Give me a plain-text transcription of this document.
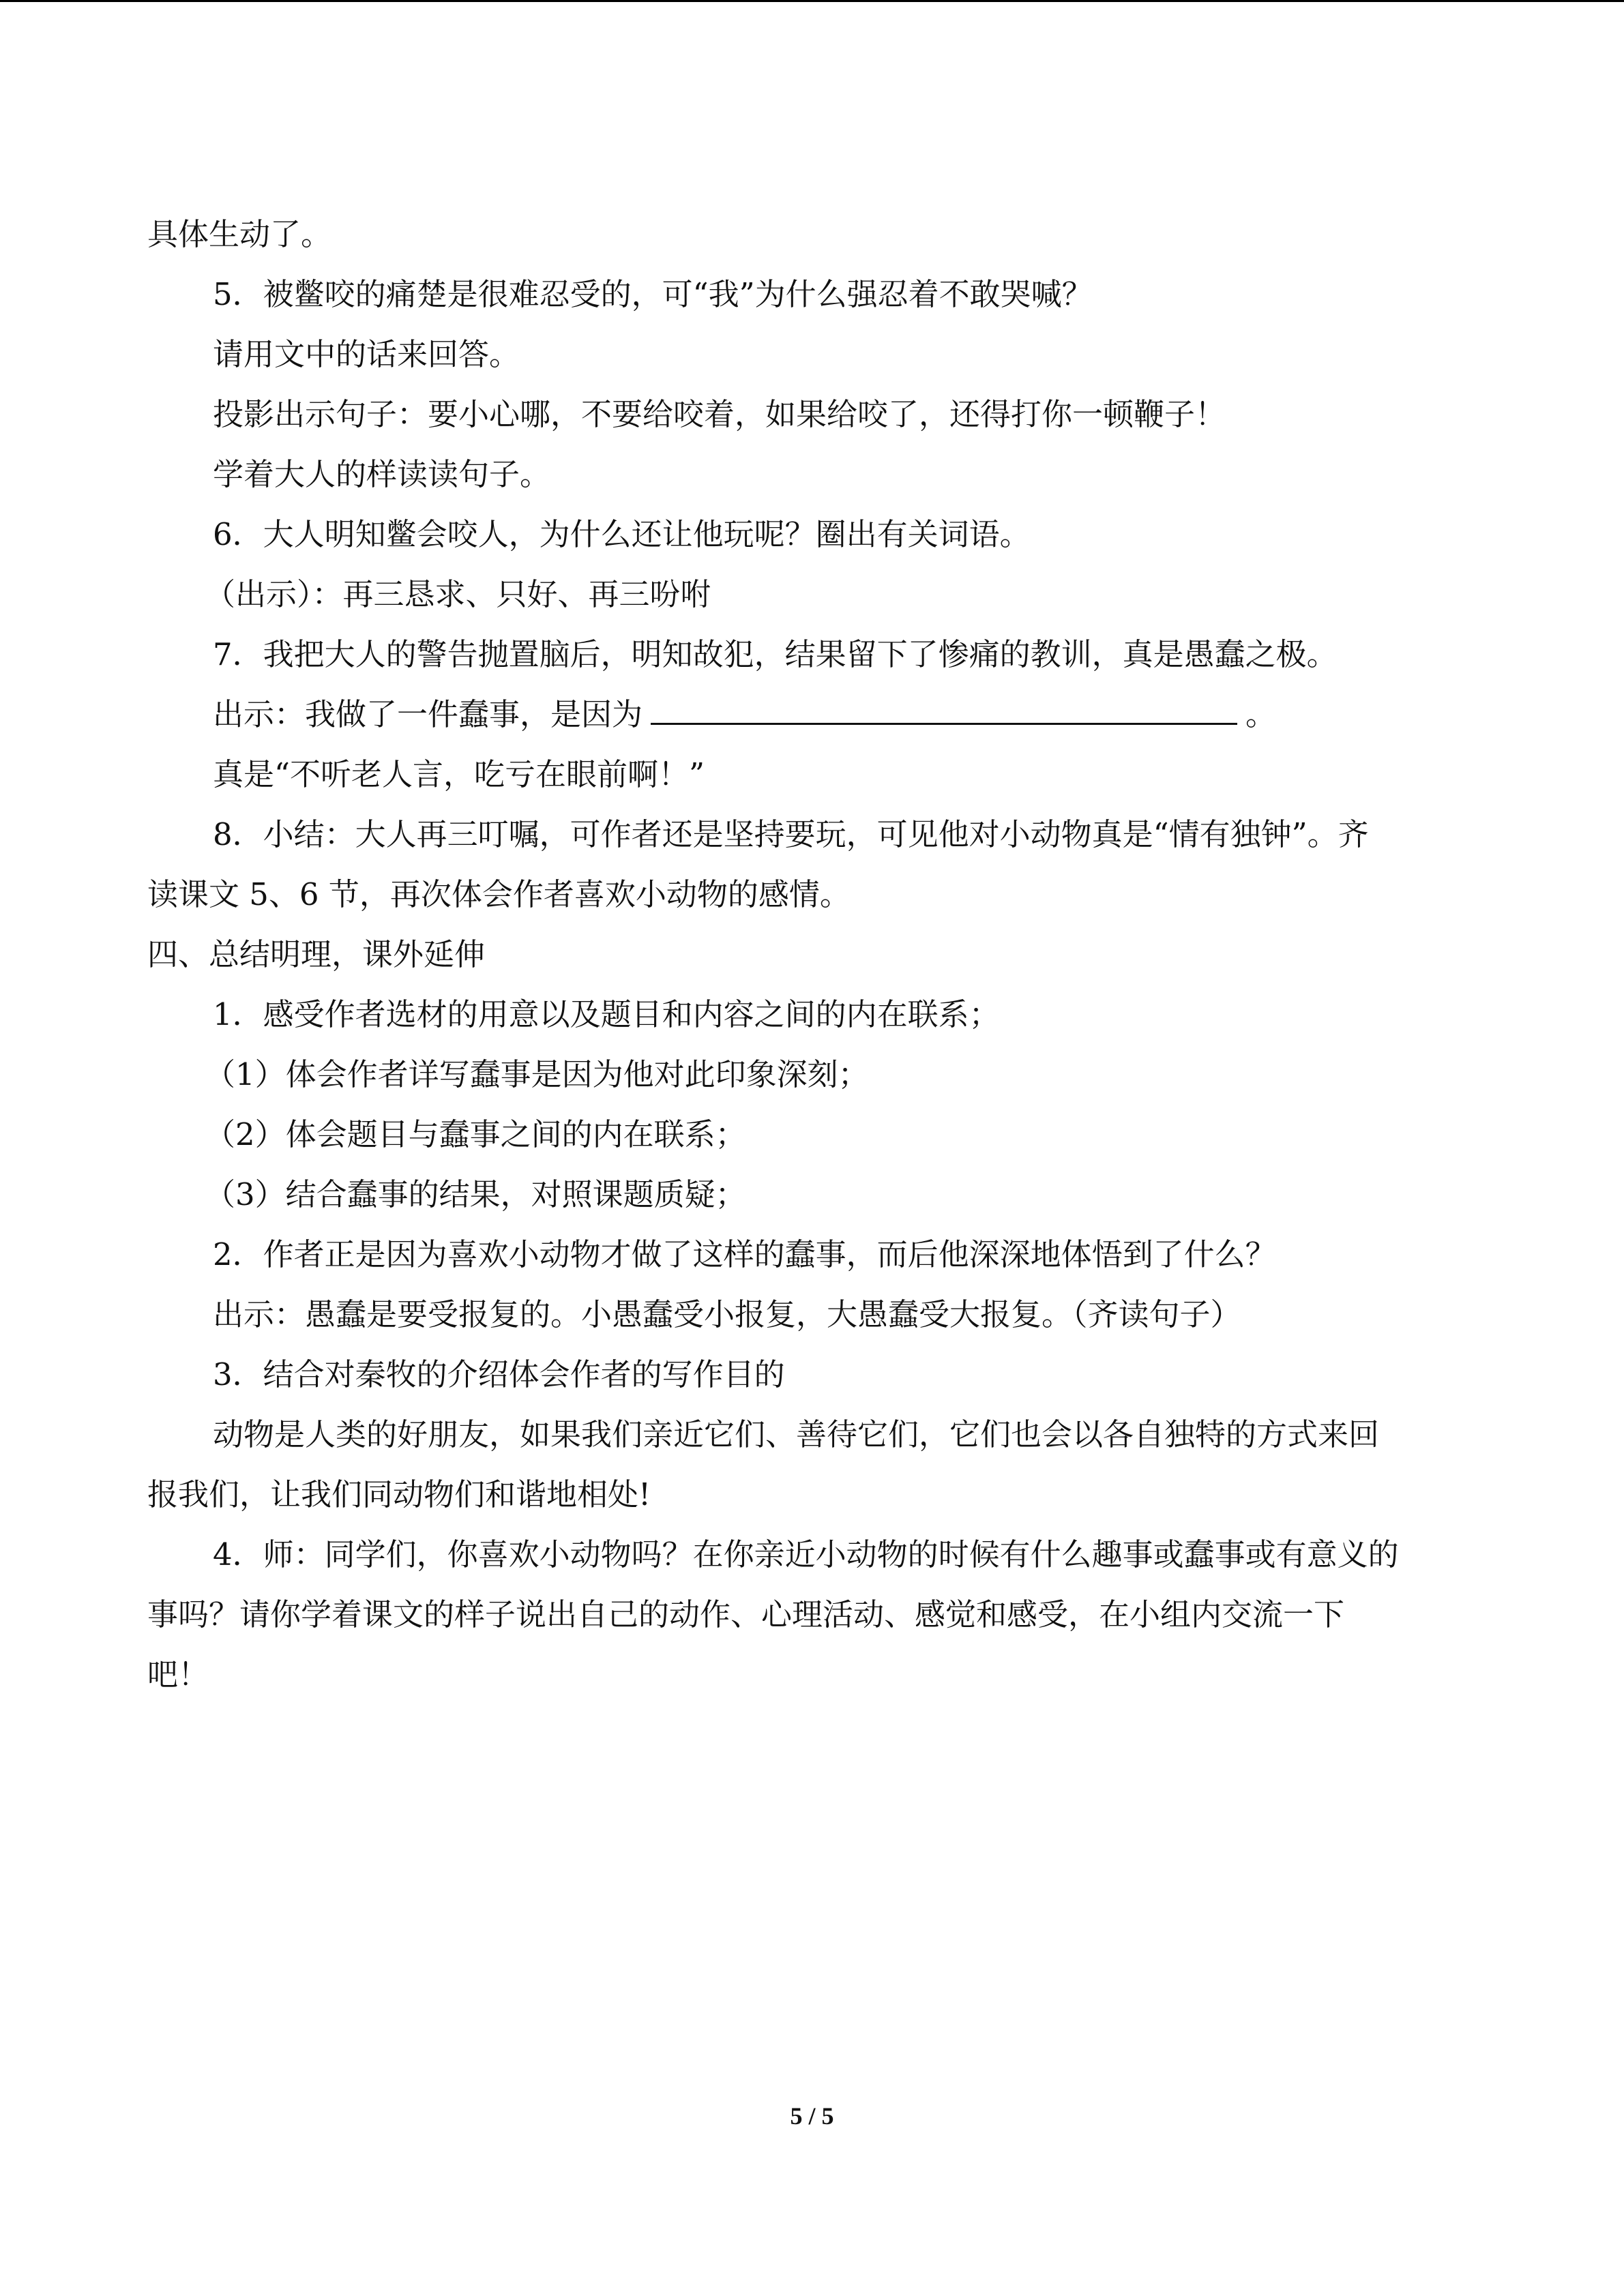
具体生动了。
5．被鳖咬的痛楚是很难忍受的，可“我”为什么强忍着不敢哭喊？
请用文中的话来回答。
投影出示句子：要小心哪，不要给咬着，如果给咬了，还得打你一顿鞭子！
学着大人的样读读句子。
6．大人明知鳖会咬人，为什么还让他玩呢？圈出有关词语。
（出示）：再三恳求、只好、再三吩咐
7．我把大人的警告抛置脑后，明知故犯，结果留下了惨痛的教训，真是愚蠢之极。
出示：我做了一件蠢事，是因为	。
真是“不听老人言，吃亏在眼前啊！”
8．小结：大人再三叮嘱，可作者还是坚持要玩，可见他对小动物真是“情有独钟”。齐
读课文 5、6 节，再次体会作者喜欢小动物的感情。
四、总结明理，课外延伸
1．感受作者选材的用意以及题目和内容之间的内在联系；
（1）体会作者详写蠢事是因为他对此印象深刻；
（2）体会题目与蠢事之间的内在联系；
（3）结合蠢事的结果，对照课题质疑；
2．作者正是因为喜欢小动物才做了这样的蠢事，而后他深深地体悟到了什么？
出示：愚蠢是要受报复的。小愚蠢受小报复，大愚蠢受大报复。（齐读句子）
3．结合对秦牧的介绍体会作者的写作目的
动物是人类的好朋友，如果我们亲近它们、善待它们，它们也会以各自独特的方式来回
报我们，让我们同动物们和谐地相处!
4．师：同学们，你喜欢小动物吗？在你亲近小动物的时候有什么趣事或蠢事或有意义的
事吗？请你学着课文的样子说出自己的动作、心理活动、感觉和感受，在小组内交流一下
吧！
5 / 5
